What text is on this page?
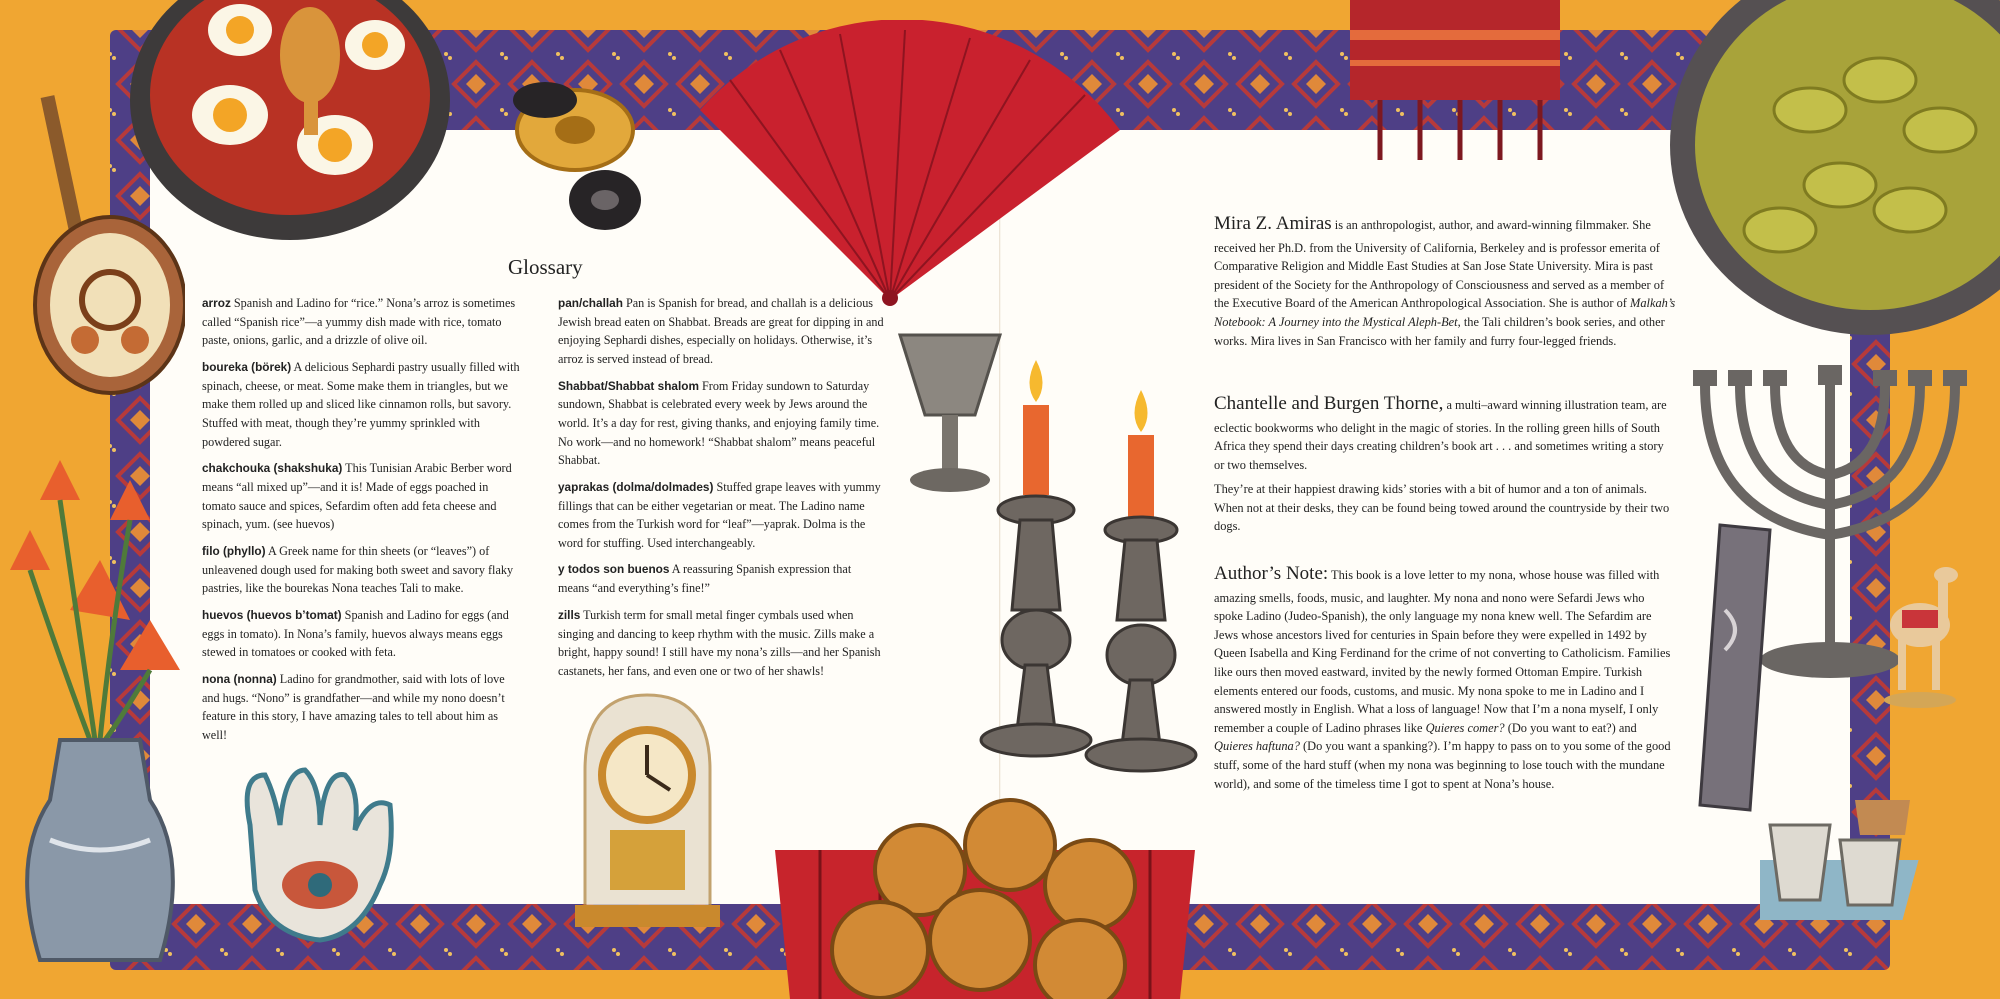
Glossary

arroz Spanish and Ladino for “rice.” Nona’s arroz is sometimes called “Spanish rice”—a yummy dish made with rice, tomato paste, onions, garlic, and a drizzle of olive oil.

boureka (börek) A delicious Sephardi pastry usually filled with spinach, cheese, or meat. Some make them in triangles, but we make them rolled up and sliced like cinnamon rolls, but savory. Stuffed with meat, though they’re yummy sprinkled with powdered sugar.

chakchouka (shakshuka) This Tunisian Arabic Berber word means “all mixed up”—and it is! Made of eggs poached in tomato sauce and spices, Sefardim often add feta cheese and spinach, yum. (see huevos)

filo (phyllo) A Greek name for thin sheets (or “leaves”) of unleavened dough used for making both sweet and savory flaky pastries, like the bourekas Nona teaches Tali to make.

huevos (huevos b’tomat) Spanish and Ladino for eggs (and eggs in tomato). In Nona’s family, huevos always means eggs stewed in tomatoes or cooked with feta.

nona (nonna) Ladino for grandmother, said with lots of love and hugs. “Nono” is grandfather—and while my nono doesn’t feature in this story, I have amazing tales to tell about him as well!

pan/challah Pan is Spanish for bread, and challah is a delicious Jewish bread eaten on Shabbat. Breads are great for dipping in and enjoying Sephardi dishes, especially on holidays. Otherwise, it’s arroz is served instead of bread.

Shabbat/Shabbat shalom From Friday sundown to Saturday sundown, Shabbat is celebrated every week by Jews around the world. It’s a day for rest, giving thanks, and enjoying family time. No work—and no homework! “Shabbat shalom” means peaceful Shabbat.

yaprakas (dolma/dolmades) Stuffed grape leaves with yummy fillings that can be either vegetarian or meat. The Ladino name comes from the Turkish word for “leaf”—yaprak. Dolma is the word for stuffing. Used interchangeably.

y todos son buenos A reassuring Spanish expression that means “and everything’s fine!”

zills Turkish term for small metal finger cymbals used when singing and dancing to keep rhythm with the music. Zills make a bright, happy sound! I still have my nona’s zills—and her Spanish castanets, her fans, and even one or two of her shawls!

Mira Z. Amiras is an anthropologist, author, and award-winning filmmaker. She received her Ph.D. from the University of California, Berkeley and is professor emerita of Comparative Religion and Middle East Studies at San Jose State University. Mira is past president of the Society for the Anthropology of Consciousness and served as a member of the Executive Board of the American Anthropological Association. She is author of Malkah’s Notebook: A Journey into the Mystical Aleph-Bet, the Tali children’s book series, and other works. Mira lives in San Francisco with her family and furry four-legged friends.

Chantelle and Burgen Thorne, a multi–award winning illustration team, are eclectic bookworms who delight in the magic of stories. In the rolling green hills of South Africa they spend their days creating children’s book art . . . and sometimes writing a story or two themselves.

They’re at their happiest drawing kids’ stories with a bit of humor and a ton of animals. When not at their desks, they can be found being towed around the countryside by their two dogs.

Author’s Note: This book is a love letter to my nona, whose house was filled with amazing smells, foods, music, and laughter. My nona and nono were Sefardi Jews who spoke Ladino (Judeo-Spanish), the only language my nona knew well. The Sefardim are Jews whose ancestors lived for centuries in Spain before they were expelled in 1492 by Queen Isabella and King Ferdinand for the crime of not converting to Catholicism. Families like ours then moved eastward, invited by the newly formed Ottoman Empire. Turkish elements entered our foods, customs, and music. My nona spoke to me in Ladino and I answered mostly in English. What a loss of language! Now that I’m a nona myself, I only remember a couple of Ladino phrases like Quieres comer? (Do you want to eat?) and Quieres haftuna? (Do you want a spanking?). I’m happy to pass on to you some of the good stuff, some of the hard stuff (when my nona was beginning to lose touch with the mundane world), and some of the timeless time I got to spent at Nona’s house.
